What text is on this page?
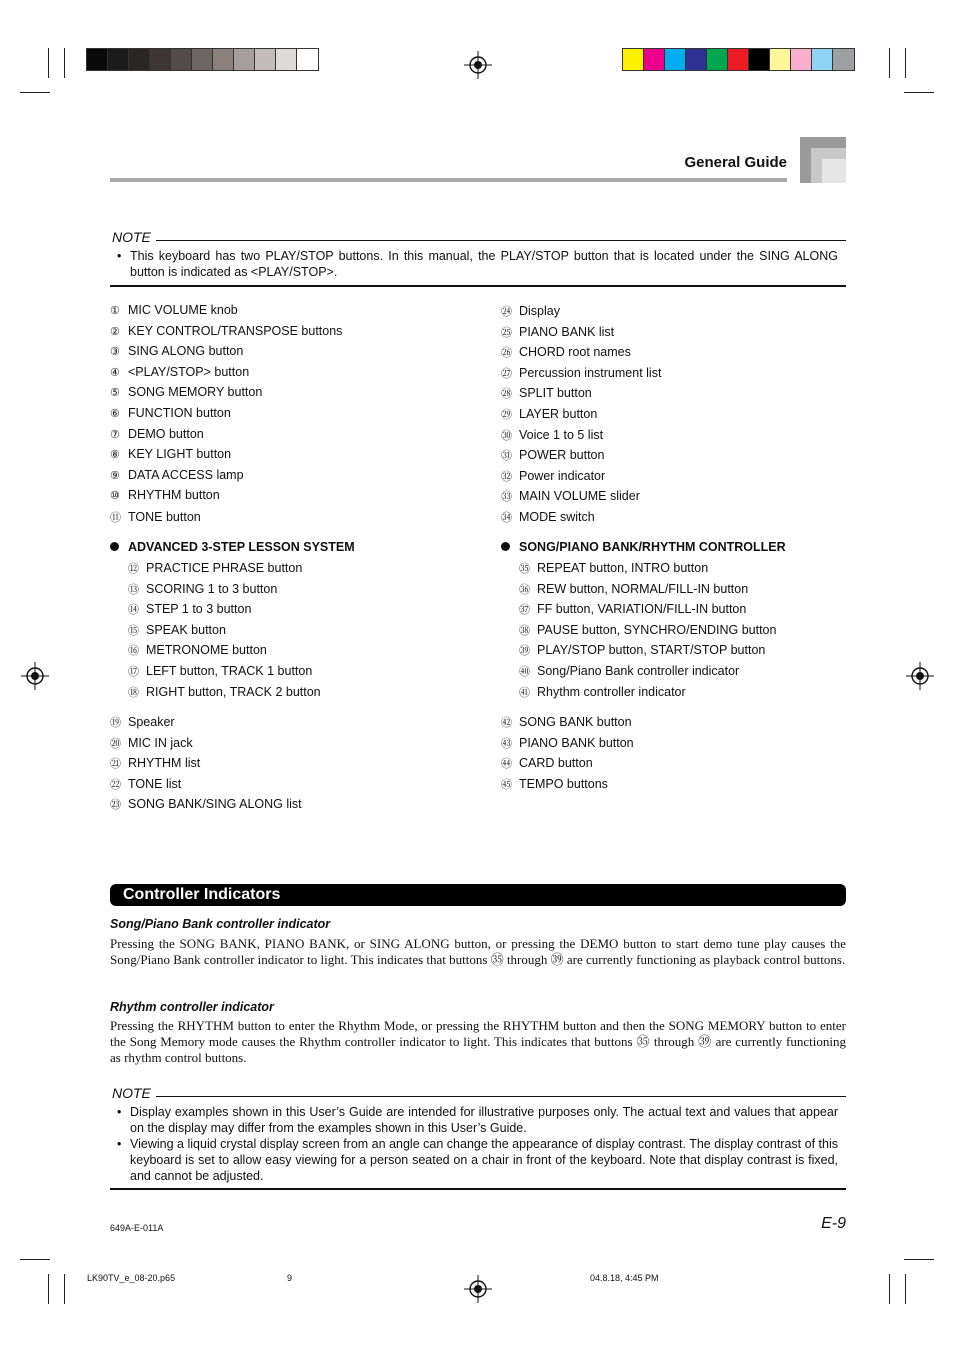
General Guide
NOTE
• This keyboard has two PLAY/STOP buttons. In this manual, the PLAY/STOP button that is located under the SING ALONG button is indicated as <PLAY/STOP>.
① MIC VOLUME knob
② KEY CONTROL/TRANSPOSE buttons
③ SING ALONG button
④ <PLAY/STOP> button
⑤ SONG MEMORY button
⑥ FUNCTION button
⑦ DEMO button
⑧ KEY LIGHT button
⑨ DATA ACCESS lamp
⑩ RHYTHM button
⑪ TONE button
ADVANCED 3-STEP LESSON SYSTEM
⑫ PRACTICE PHRASE button
⑬ SCORING 1 to 3 button
⑭ STEP 1 to 3 button
⑮ SPEAK button
⑯ METRONOME button
⑰ LEFT button, TRACK 1 button
⑱ RIGHT button, TRACK 2 button
⑲ Speaker
⑳ MIC IN jack
㉑ RHYTHM list
㉒ TONE list
㉓ SONG BANK/SING ALONG list
㉔ Display
㉕ PIANO BANK list
㉖ CHORD root names
㉗ Percussion instrument list
㉘ SPLIT button
㉙ LAYER button
㉚ Voice 1 to 5 list
㉛ POWER button
㉜ Power indicator
㉝ MAIN VOLUME slider
㉞ MODE switch
SONG/PIANO BANK/RHYTHM CONTROLLER
㉟ REPEAT button, INTRO button
㊱ REW button, NORMAL/FILL-IN button
㊲ FF button, VARIATION/FILL-IN button
㊳ PAUSE button, SYNCHRO/ENDING button
㊴ PLAY/STOP button, START/STOP button
㊵ Song/Piano Bank controller indicator
㊶ Rhythm controller indicator
㊷ SONG BANK button
㊸ PIANO BANK button
㊹ CARD button
㊺ TEMPO buttons
Controller Indicators
Song/Piano Bank controller indicator
Pressing the SONG BANK, PIANO BANK, or SING ALONG button, or pressing the DEMO button to start demo tune play causes the Song/Piano Bank controller indicator to light. This indicates that buttons ㉟ through ㊴ are currently functioning as playback control buttons.
Rhythm controller indicator
Pressing the RHYTHM button to enter the Rhythm Mode, or pressing the RHYTHM button and then the SONG MEMORY button to enter the Song Memory mode causes the Rhythm controller indicator to light. This indicates that buttons ㉟ through ㊴ are currently functioning as rhythm control buttons.
NOTE
• Display examples shown in this User’s Guide are intended for illustrative purposes only. The actual text and values that appear on the display may differ from the examples shown in this User’s Guide.
• Viewing a liquid crystal display screen from an angle can change the appearance of display contrast. The display contrast of this keyboard is set to allow easy viewing for a person seated on a chair in front of the keyboard. Note that display contrast is fixed, and cannot be adjusted.
649A-E-011A	E-9
LK90TV_e_08-20.p65	9	04.8.18, 4:45 PM
